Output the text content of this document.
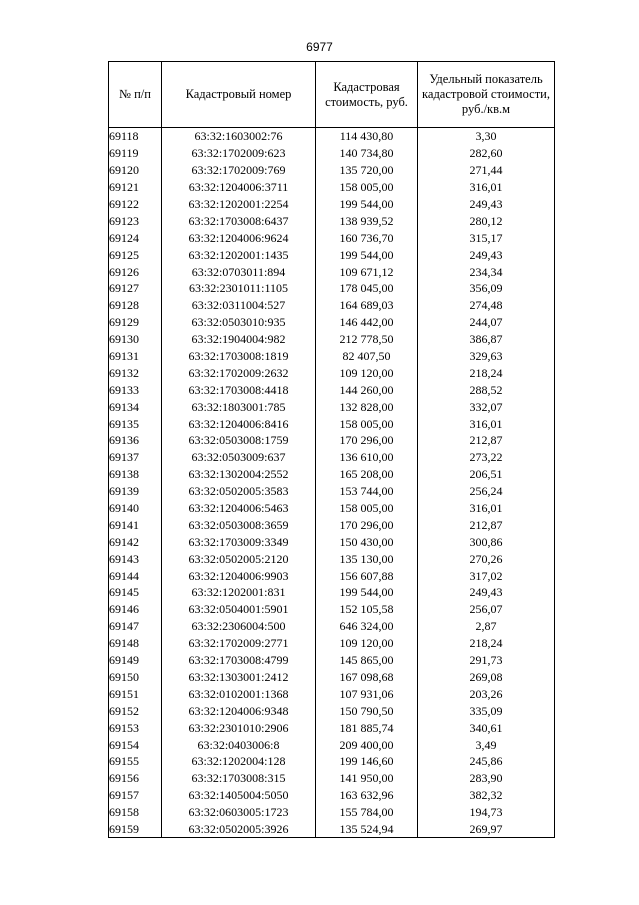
6977
№ п/п	Кадастровый номер	Кадастровая стоимость, руб.	Удельный показатель кадастровой стоимости, руб./кв.м
69118	63:32:1603002:76	114 430,80	3,30
69119	63:32:1702009:623	140 734,80	282,60
69120	63:32:1702009:769	135 720,00	271,44
69121	63:32:1204006:3711	158 005,00	316,01
69122	63:32:1202001:2254	199 544,00	249,43
69123	63:32:1703008:6437	138 939,52	280,12
69124	63:32:1204006:9624	160 736,70	315,17
69125	63:32:1202001:1435	199 544,00	249,43
69126	63:32:0703011:894	109 671,12	234,34
69127	63:32:2301011:1105	178 045,00	356,09
69128	63:32:0311004:527	164 689,03	274,48
69129	63:32:0503010:935	146 442,00	244,07
69130	63:32:1904004:982	212 778,50	386,87
69131	63:32:1703008:1819	82 407,50	329,63
69132	63:32:1702009:2632	109 120,00	218,24
69133	63:32:1703008:4418	144 260,00	288,52
69134	63:32:1803001:785	132 828,00	332,07
69135	63:32:1204006:8416	158 005,00	316,01
69136	63:32:0503008:1759	170 296,00	212,87
69137	63:32:0503009:637	136 610,00	273,22
69138	63:32:1302004:2552	165 208,00	206,51
69139	63:32:0502005:3583	153 744,00	256,24
69140	63:32:1204006:5463	158 005,00	316,01
69141	63:32:0503008:3659	170 296,00	212,87
69142	63:32:1703009:3349	150 430,00	300,86
69143	63:32:0502005:2120	135 130,00	270,26
69144	63:32:1204006:9903	156 607,88	317,02
69145	63:32:1202001:831	199 544,00	249,43
69146	63:32:0504001:5901	152 105,58	256,07
69147	63:32:2306004:500	646 324,00	2,87
69148	63:32:1702009:2771	109 120,00	218,24
69149	63:32:1703008:4799	145 865,00	291,73
69150	63:32:1303001:2412	167 098,68	269,08
69151	63:32:0102001:1368	107 931,06	203,26
69152	63:32:1204006:9348	150 790,50	335,09
69153	63:32:2301010:2906	181 885,74	340,61
69154	63:32:0403006:8	209 400,00	3,49
69155	63:32:1202004:128	199 146,60	245,86
69156	63:32:1703008:315	141 950,00	283,90
69157	63:32:1405004:5050	163 632,96	382,32
69158	63:32:0603005:1723	155 784,00	194,73
69159	63:32:0502005:3926	135 524,94	269,97
